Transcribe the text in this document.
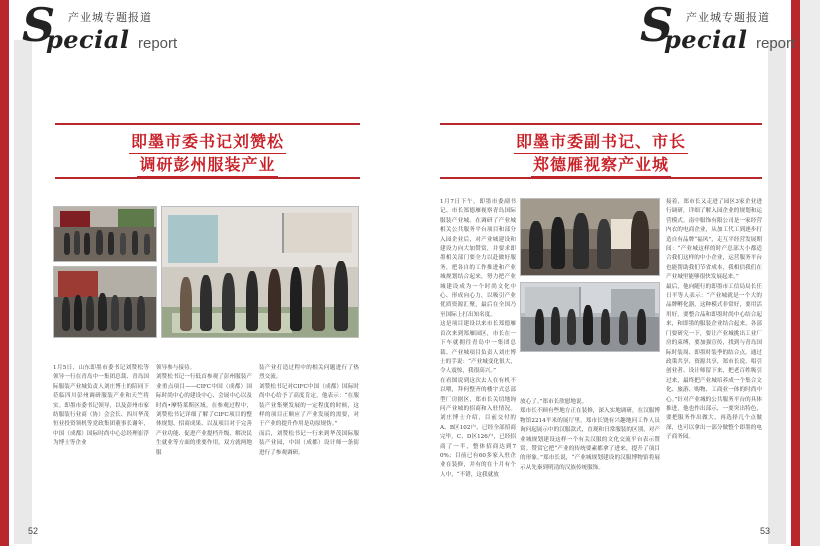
S 产业城专题报道
pecial report
即墨市委书记刘赞松
调研彭州服装产业
1月5日，山东即墨市委书记刘赞松等领导一行在青岛中一集团总裁、青岛国际服装产业城负责人刘庄博士的陪同下莅临四川彭州调研服装产业和天竺将实。即墨市委书记领导，以及彭州市家纺服装行业商（协）会会长、四川华茂恒业投资领机等党政集团董事长谢年，中国（成都）国际时尚中心总经理崔浮为博士等企业
领导参与接待。
刘赞松书记一行低首参观了彭州服装产业重点项目——CIFC中国（成都）国际时尚中心的建设中心，会展中心以及时尚•摩特莱斯区域。在参观过程中，刘赞松书记详细了解了CIFC项目的整体规划、招商成果、以及项目对于完善产业功能、促进产业提档升级、解决民生就业等方面的重要作用，双方就两地服
装产业打造过程中的相关问题进行了热烈交流。
刘赞松书记对CIFC中国（成都）国际时尚中心给予了高度肯定，他表示：“在服装产业集聚发展的一定程度的时候，这样的项目正顺应了产业发展的需要，对于产业的提升作用是功原规伪。”
而后，刘赞松书记一行来到华茂国际服装产业园，中国（成都）设计师一条街进行了参观调研。
52
S 产业城专题报道
pecial report
即墨市委副书记、市长
郑德雁视察产业城
1月7日下午，即墨市委副书记、市长郑德雁视察青岛国际服装产业城。在调研了产业城相关公共服务平台项目和部分入园企业后，对产业城建设和建设力向大加赞赏，并要求即墨相关部门要全力以赴做好服务，把各自的工作推进和产业城规划结合起来，努力把产业城建设成为一个时尚文化中心、形成向心力，以吸引产业优质资源汇聚，最后在全国乃至国际上打出知名度。
这是项目建设以来市长郑德雁首次来到郑雁园区，市长在一下车就拥往青岛中一集团总裁、产业城项目负责人刘庄博士的手说：“产业城变化很大，令人震惊，我很高兴。”
在看图说到这次去人在有机不以喂，拜何整齐的楼宇式总部型厂房据区，郑市长关切地询问产业城的招商和入驻情况。刘庄博士介绍，目前交付的A、B区102户，已经全部招商完毕，C、D区126户，已经招商了一半，整体招商达到70%；目前已有60多家入驻企业在装修，并有的在十月有个人中，“不错，这我就放
放心了。”郑市长欣慰地说。
郑市长不顾有些地方正在装修，深入实地调研，在汉服博物馆2214平米的展厅里，郑市长饶有兴趣地问工作人员询问起展示中的汉服款式，直观和日常服装的区别，对产业城规划建设这样一个有关汉服的文化交流平台表示赞赏。赞赏它把“产业的传统要素都拿了进来，提升了项目的形象。”郑市长说，“产业城规划建设的汉服博物馆将展示从先秦到明清的汉族传统服饰。
接着，郑市长又走进了园区3家企业进行调研，详细了解入园企业的规划和运营模式。南中服饰有限公司是一家经营内衣的电商企业，从加工代工到逐步打造自有品牌“福风”，走互平经营发展期间：“产业城这样的时产总部大小都适合我们这样的中小企业，运营服务平台也能帮助我们节省成本，我相信我们在产业城里能够很快发展起来。”
最后，他向随行的即墨市工信局局长任日平等人表示：“产业城就是一个大的品牌孵化器，这种模式非常好，要用活用好，要整合品和即墨时尚中心结合起来，和即墨的服装企业结合起来，各部门要研究一下，要让产业城挑出工业厂房的束缚，要加强宣传，找到与青岛国际时装周、即墨时装季的结合点，通过政策共享、资源共享，郑市长说，唱引创业者、设计师留下来，把老百姓吸引过来，最终把产业城培养成一个集合文化、旅游、购物、工商业一体的时尚中心。”针对产业城的公共服务平台的具体推进，他也作出部示，一要突出特色，要把服务作出做大，再选择几个点做深，也可以拿出一部分做整个即墨的电子商务园。
53
